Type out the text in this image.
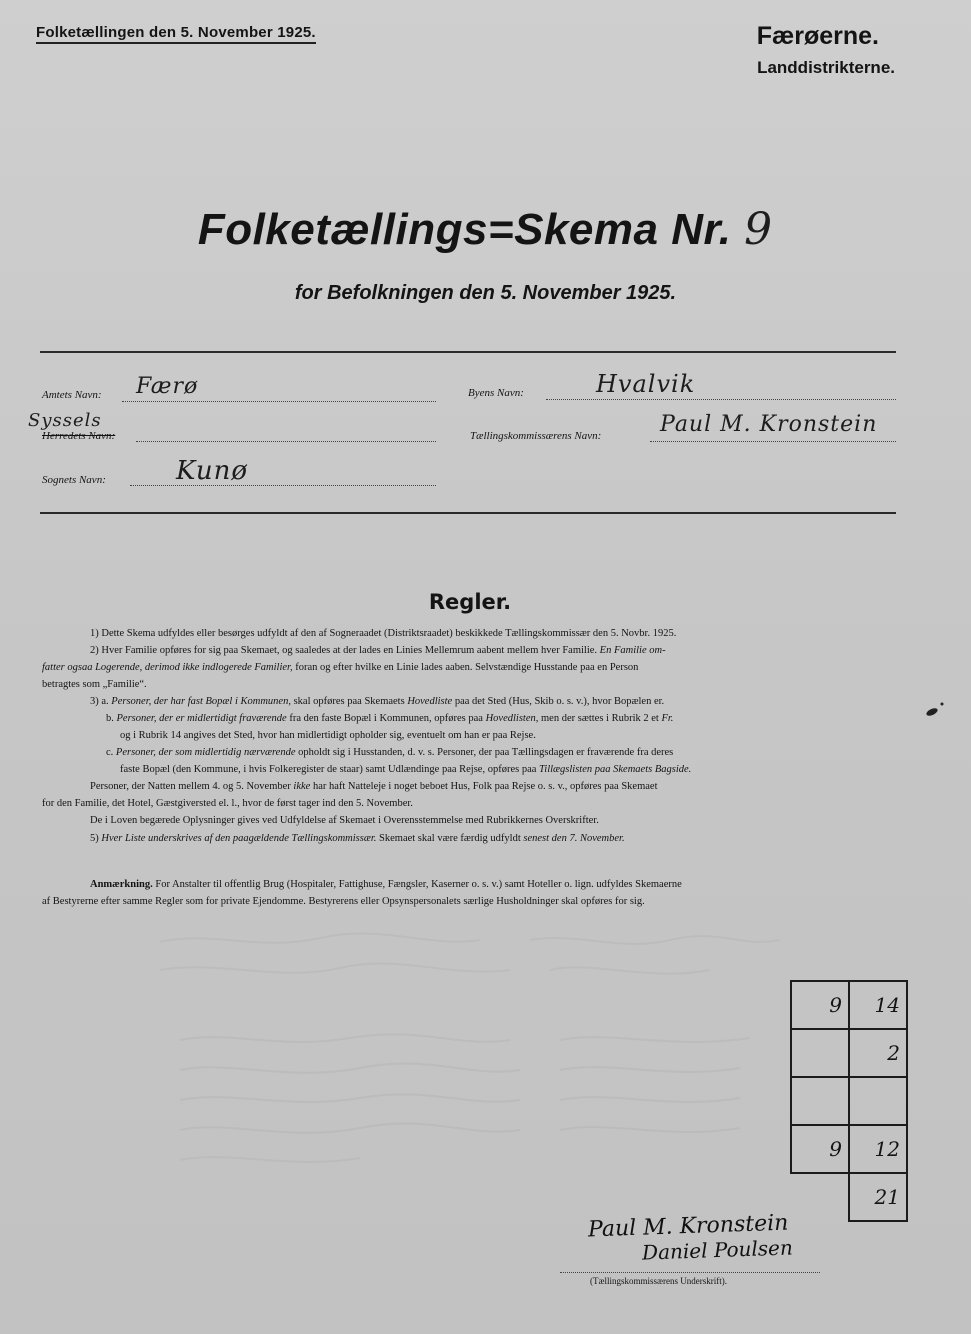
Folketællingen den 5. November 1925.	Færøerne.
Landdistrikterne.
Folketællings=Skema Nr. 9
for Befolkningen den 5. November 1925.
Amtets Navn: Færø	Byens Navn:	Hvalvik
Syssels
Herredets Navn:	Tællingskommissærens Navn:	Paul M. Kronstein
Sognets Navn:	Kunø
Regler.
1) Dette Skema udfyldes eller besørges udfyldt af den af Sogneraadet (Distriktsraadet) beskikkede Tællingskommissær den 5. Novbr. 1925.
2) Hver Familie opføres for sig paa Skemaet, og saaledes at der lades en Linies Mellemrum aabent mellem hver Familie. En Familie om-
fatter ogsaa Logerende, derimod ikke indlogerede Familier, foran og efter hvilke en Linie lades aaben. Selvstændige Husstande paa en Person
betragtes som „Familie“.
3) a. Personer, der har fast Bopæl i Kommunen, skal opføres paa Skemaets Hovedliste paa det Sted (Hus, Skib o. s. v.), hvor Bopælen er.
b. Personer, der er midlertidigt fraværende fra den faste Bopæl i Kommunen, opføres paa Hovedlisten, men der sættes i Rubrik 2 et Fr.
og i Rubrik 14 angives det Sted, hvor han midlertidigt opholder sig, eventuelt om han er paa Rejse.
c. Personer, der som midlertidig nærværende opholdt sig i Husstanden, d. v. s. Personer, der paa Tællingsdagen er fraværende fra deres
faste Bopæl (den Kommune, i hvis Folkeregister de staar) samt Udlændinge paa Rejse, opføres paa Tillægslisten paa Skemaets Bagside.
Personer, der Natten mellem 4. og 5. November ikke har haft Natteleje i noget beboet Hus, Folk paa Rejse o. s. v., opføres paa Skemaet
for den Familie, det Hotel, Gæstgiversted el. l., hvor de først tager ind den 5. November.
De i Loven begærede Oplysninger gives ved Udfyldelse af Skemaet i Overensstemmelse med Rubrikkernes Overskrifter.
5) Hver Liste underskrives af den paagældende Tællingskommissær. Skemaet skal være færdig udfyldt senest den 7. November.
Anmærkning. For Anstalter til offentlig Brug (Hospitaler, Fattighuse, Fængsler, Kaserner o. s. v.) samt Hoteller o. lign. udfyldes Skemaerne
af Bestyrerne efter samme Regler som for private Ejendomme. Bestyrerens eller Opsynspersonalets særlige Husholdninger skal opføres for sig.
9	14
	2

9	12
	21
Paul M. Kronstein
Daniel Poulsen
(Tællingskommissærens Underskrift).
